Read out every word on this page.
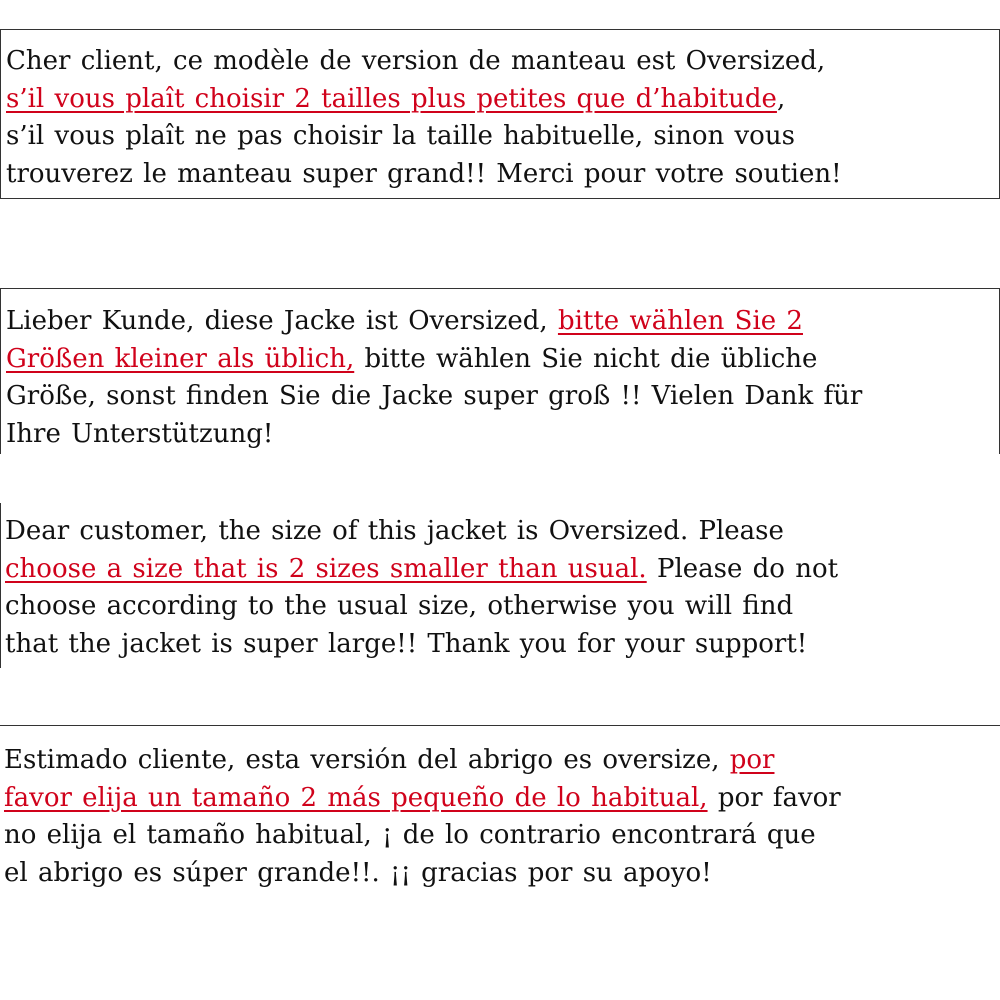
Cher client, ce modèle de version de manteau est Oversized,

s’il vous plaît choisir 2 tailles plus petites que d’habitude,

s’il vous plaît ne pas choisir la taille habituelle, sinon vous

trouverez le manteau super grand!! Merci pour votre soutien!

Lieber Kunde, diese Jacke ist Oversized, bitte wählen Sie 2

Größen kleiner als üblich, bitte wählen Sie nicht die übliche

Größe, sonst finden Sie die Jacke super groß !! Vielen Dank für

Ihre Unterstützung!

Dear customer, the size of this jacket is Oversized. Please

choose a size that is 2 sizes smaller than usual. Please do not

choose according to the usual size, otherwise you will find

that the jacket is super large!! Thank you for your support!

Estimado cliente, esta versión del abrigo es oversize, por

favor elija un tamaño 2 más pequeño de lo habitual, por favor

no elija el tamaño habitual, ¡ de lo contrario encontrará que

el abrigo es súper grande!!. ¡¡ gracias por su apoyo!
